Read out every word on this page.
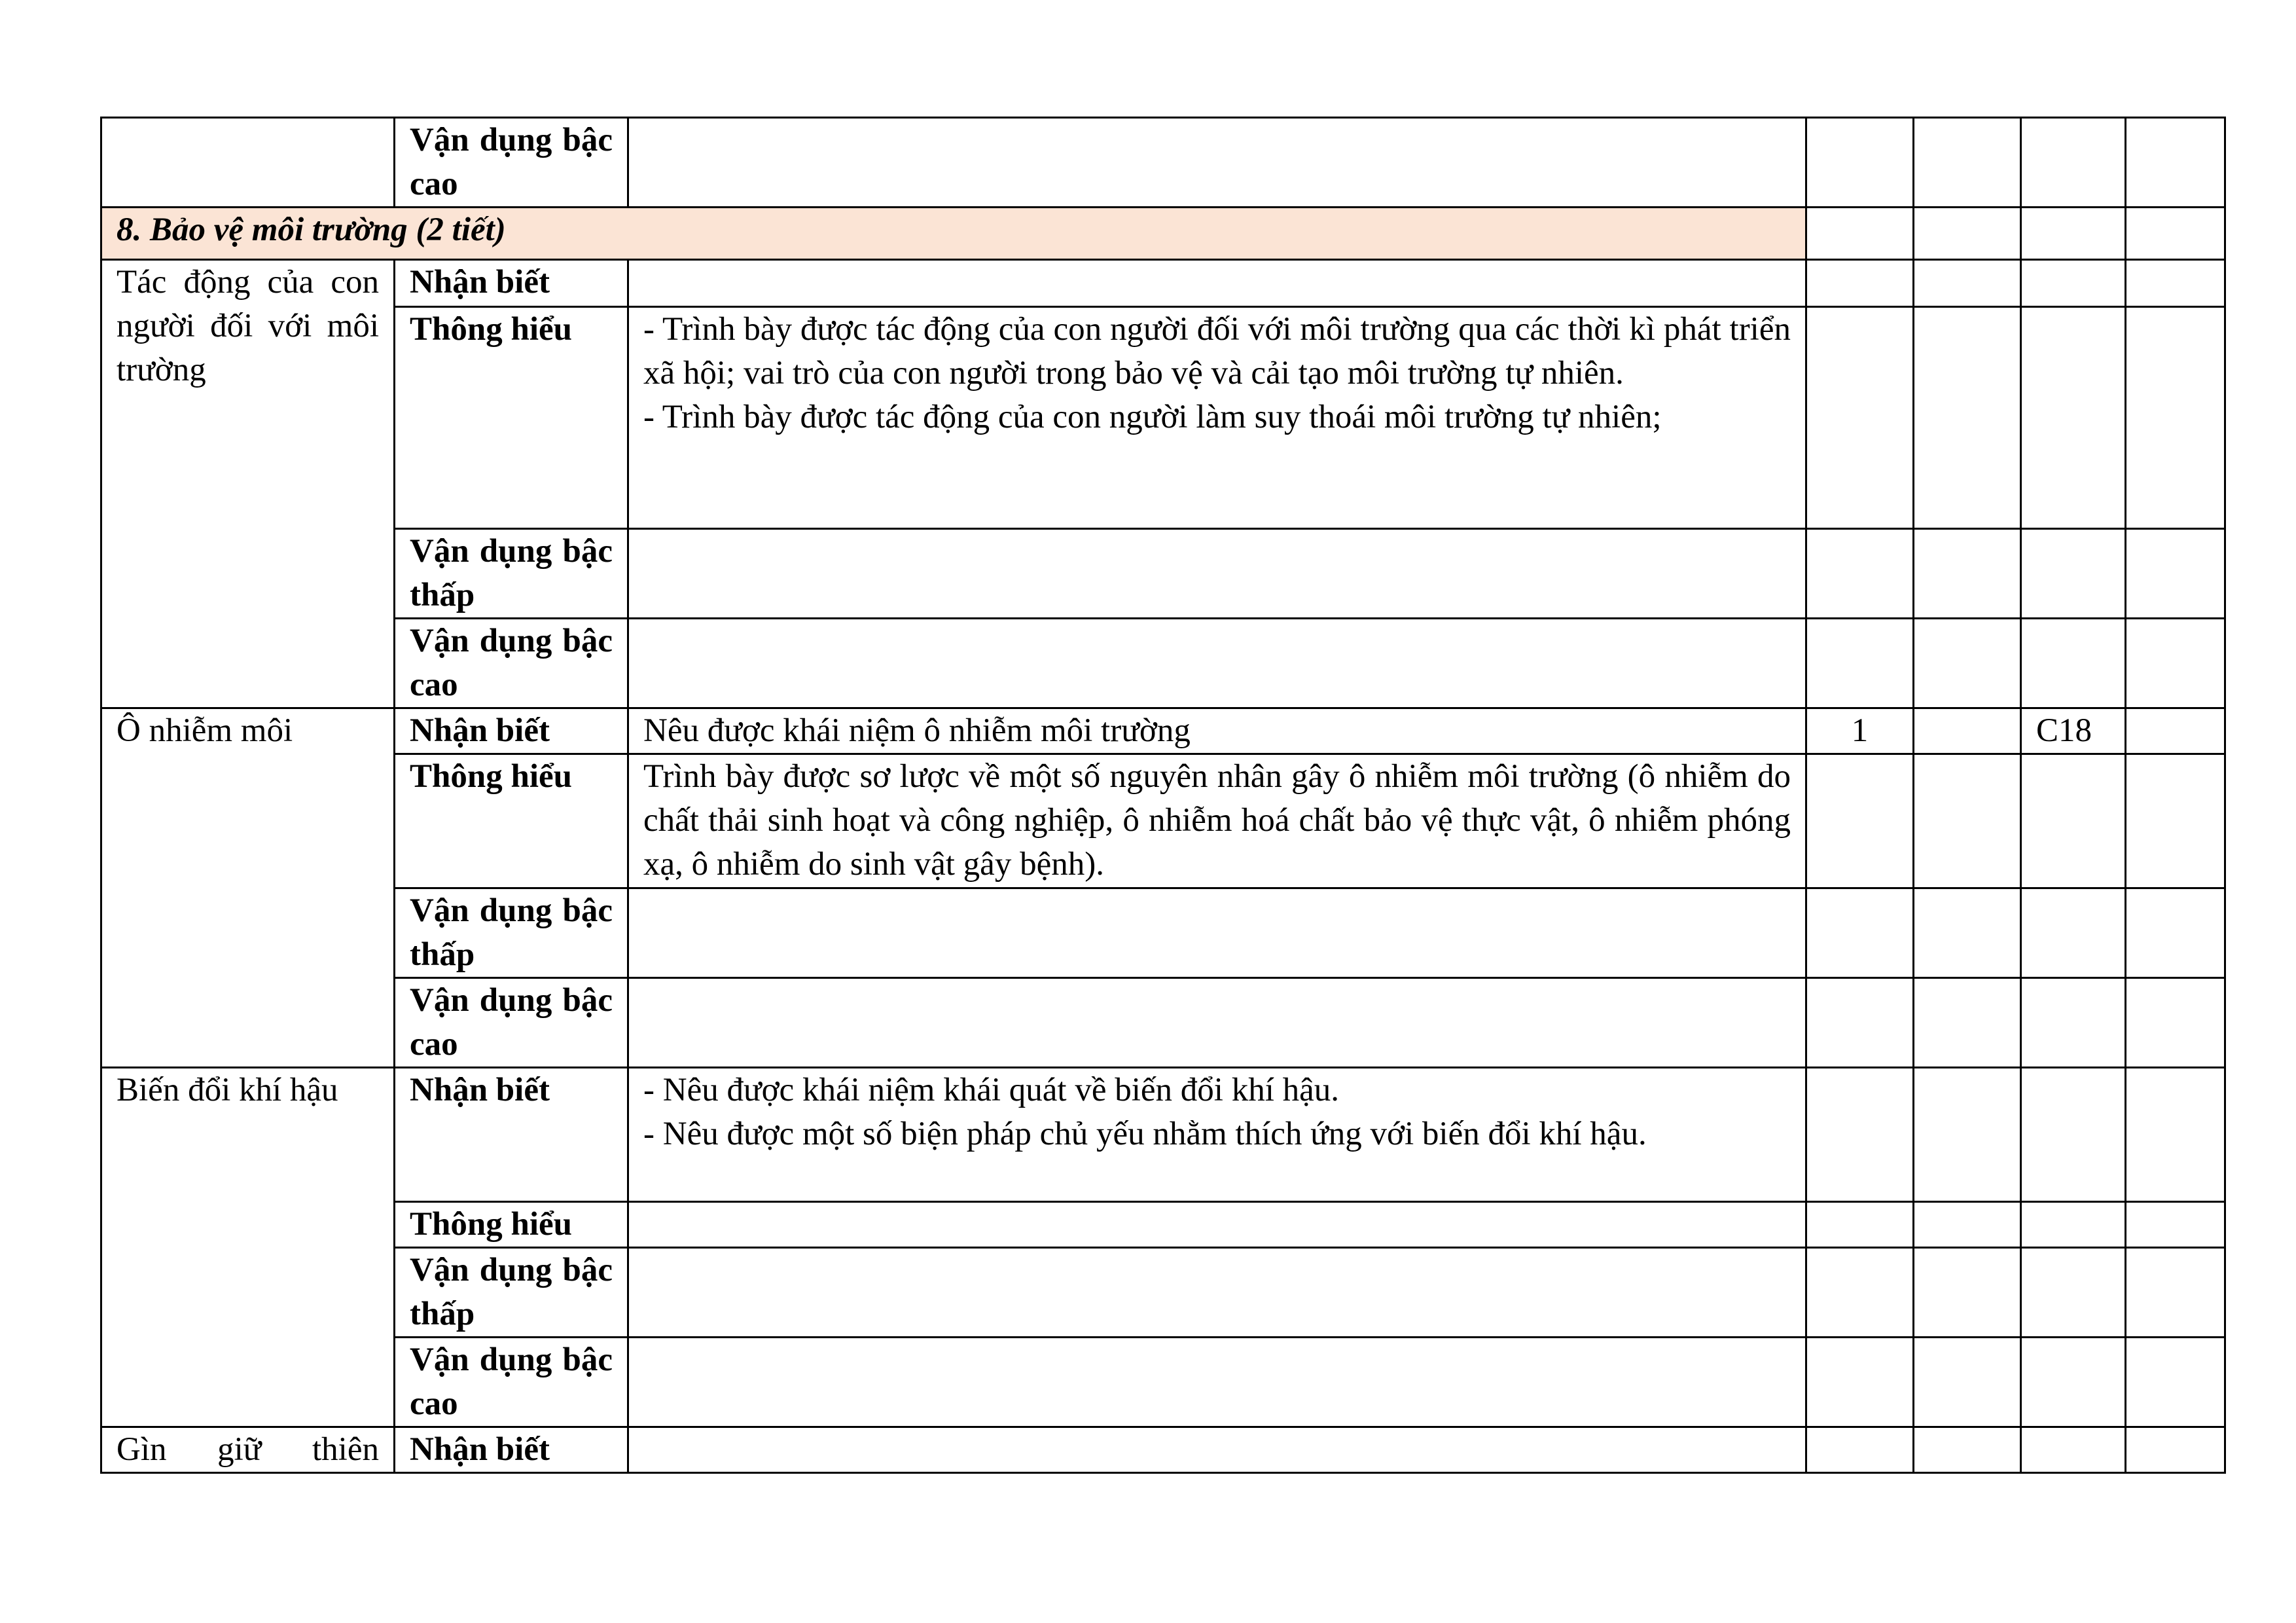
	Vận dụng bậc cao					
8. Bảo vệ môi trường (2 tiết)						
Tác động của con người đối với môi trường	Nhận biết					
	Thông hiểu	- Trình bày được tác động của con người đối với môi trường qua các thời kì phát triển xã hội; vai trò của con người trong bảo vệ và cải tạo môi trường tự nhiên.
- Trình bày được tác động của con người làm suy thoái môi trường tự nhiên;				

	Vận dụng bậc thấp					
	Vận dụng bậc cao					
Ô nhiễm môi	Nhận biết	Nêu được khái niệm ô nhiễm môi trường	1		C18	
	Thông hiểu	Trình bày được sơ lược về một số nguyên nhân gây ô nhiễm môi trường (ô nhiễm do chất thải sinh hoạt và công nghiệp, ô nhiễm hoá chất bảo vệ thực vật, ô nhiễm phóng xạ, ô nhiễm do sinh vật gây bệnh).				
	Vận dụng bậc thấp					
	Vận dụng bậc cao					
Biến đổi khí hậu	Nhận biết	- Nêu được khái niệm khái quát về biến đổi khí hậu.
- Nêu được một số biện pháp chủ yếu nhằm thích ứng với biến đổi khí hậu.				

	Thông hiểu					
	Vận dụng bậc thấp					
	Vận dụng bậc cao					
Gìn giữ thiên	Nhận biết					
